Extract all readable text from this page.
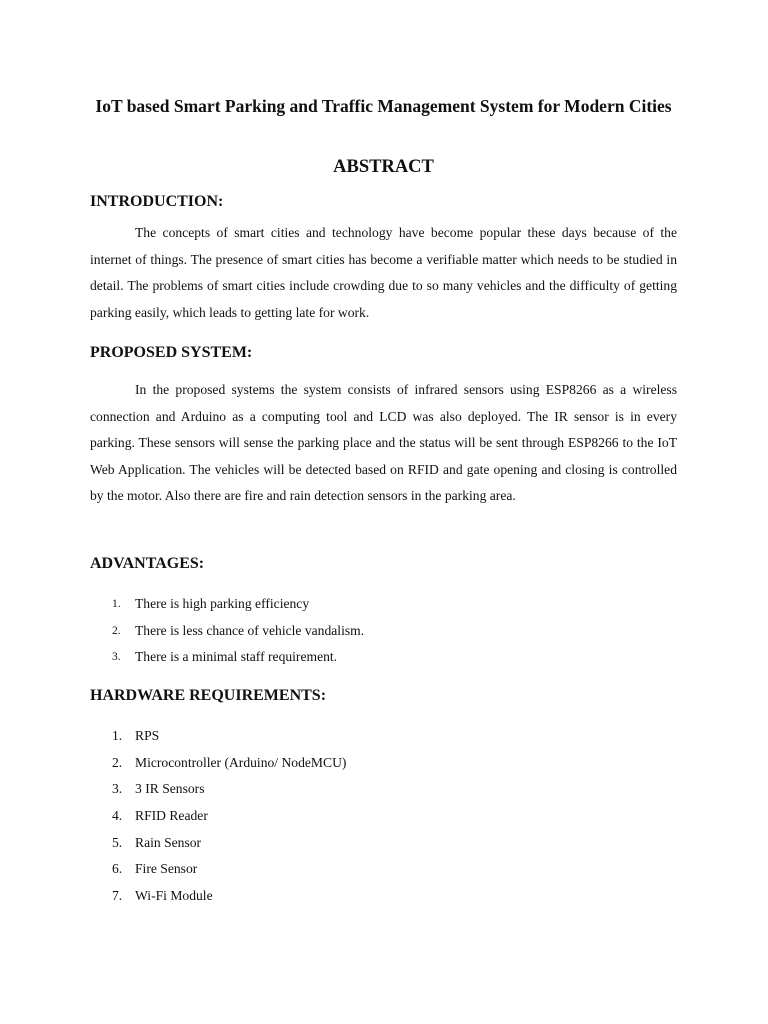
IoT based Smart Parking and Traffic Management System for Modern Cities
ABSTRACT
INTRODUCTION:

The concepts of smart cities and technology have become popular these days because of the internet of things. The presence of smart cities has become a verifiable matter which needs to be studied in detail. The problems of smart cities include crowding due to so many vehicles and the difficulty of getting parking easily, which leads to getting late for work.

PROPOSED SYSTEM:

In the proposed systems the system consists of infrared sensors using ESP8266 as a wireless connection and Arduino as a computing tool and LCD was also deployed. The IR sensor is in every parking. These sensors will sense the parking place and the status will be sent through ESP8266 to the IoT Web Application. The vehicles will be detected based on RFID and gate opening and closing is controlled by the motor. Also there are fire and rain detection sensors in the parking area.

ADVANTAGES:
1. There is high parking efficiency
2. There is less chance of vehicle vandalism.
3. There is a minimal staff requirement.
HARDWARE REQUIREMENTS:
1. RPS
2. Microcontroller (Arduino/ NodeMCU)
3. 3 IR Sensors
4. RFID Reader
5. Rain Sensor
6. Fire Sensor
7. Wi-Fi Module
